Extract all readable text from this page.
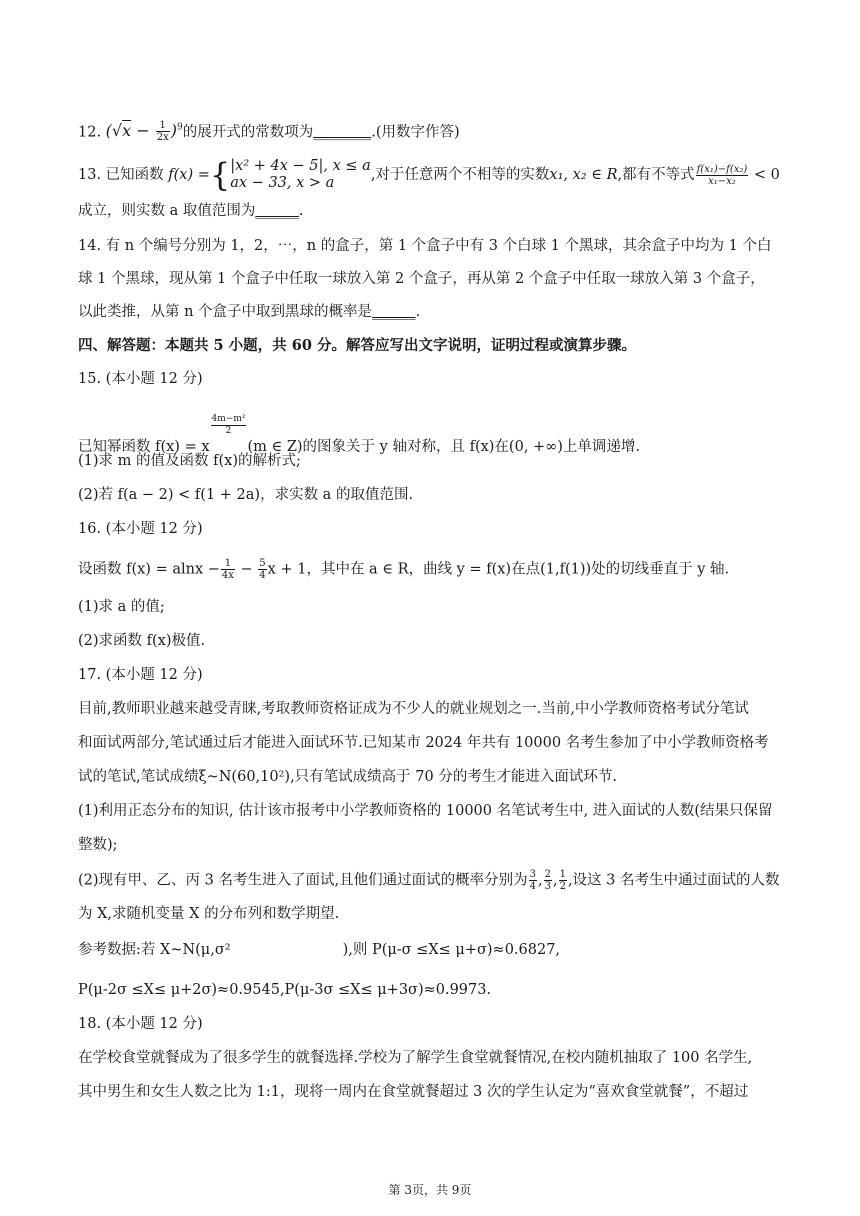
12. $(√x - \frac{1}{2x} )^9$的展开式的常数项为________.(用数字作答)
13. 已知函数 f(x) ={ |x² + 4x − 5|, x ≤ a
ax − 33, x > a	,对于任意两个不相等的实数x₁, x₂ ∈ R,都有不等式 $\frac{\text{f(x₁)−f(x₂)}}{\text{x₁−x₂}} < 0$
成立，则实数 a 取值范围为______.
14. 有 n 个编号分别为 1，2，⋯，n 的盒子，第 1 个盒子中有 3 个白球 1 个黑球，其余盒子中均为 1 个白
球 1 个黑球，现从第 1 个盒子中任取一球放入第 2 个盒子，再从第 2 个盒子中任取一球放入第 3 个盒子，
以此类推，从第 n 个盒子中取到黑球的概率是______.
四、解答题：本题共 5 小题，共 60 分。解答应写出文字说明，证明过程或演算步骤。
15. (本小题 12 分)
已知幂函数 f(x) = x
$\frac{\text{4m−m²}}{2}$
(m ∈ Z)的图象关于 y 轴对称，且 f(x)在(0, +∞)上单调递增.
(1)求 m 的值及函数 f(x)的解析式;
(2)若 f(a − 2) < f(1 + 2a)，求实数 a 的取值范围.
16. (本小题 12 分)
设函数 $f(x) = alnx - \frac{1}{4x} - \frac{5}{4}$ x + 1，其中在 a ∈ R，曲线 y = f(x)在点(1,f(1))处的切线垂直于 y 轴.
(1)求 a 的值;
(2)求函数 f(x)极值.
17. (本小题 12 分)
目前,教师职业越来越受青睐,考取教师资格证成为不少人的就业规划之一.当前,中小学教师资格考试分笔试
和面试两部分,笔试通过后才能进入面试环节.已知某市 2024 年共有 10000 名考生参加了中小学教师资格考
试的笔试,笔试成绩ξ~N(60,10²),只有笔试成绩高于 70 分的考生才能进入面试环节.
(1)利用正态分布的知识, 估计该市报考中小学教师资格的 10000 名笔试考生中, 进入面试的人数(结果只保留
整数);
(2)现有甲、乙、丙 3 名考生进入了面试,且他们通过面试的概率分别为 $\frac{3}{4}$ , $\frac{2}{3}$ , $\frac{1}{2}$ ,设这 3 名考生中通过面试的人数
为 X,求随机变量 X 的分布列和数学期望.
参考数据:若 X~N(μ,σ²	),则 P(μ-σ ≤X≤ μ+σ)≈0.6827,
P(μ-2σ ≤X≤ μ+2σ)≈0.9545,P(μ-3σ ≤X≤ μ+3σ)≈0.9973.
18. (本小题 12 分)
在学校食堂就餐成为了很多学生的就餐选择.学校为了解学生食堂就餐情况,在校内随机抽取了 100 名学生,
其中男生和女生人数之比为 1:1，现将一周内在食堂就餐超过 3 次的学生认定为“喜欢食堂就餐”，不超过
第 3页，共 9页
